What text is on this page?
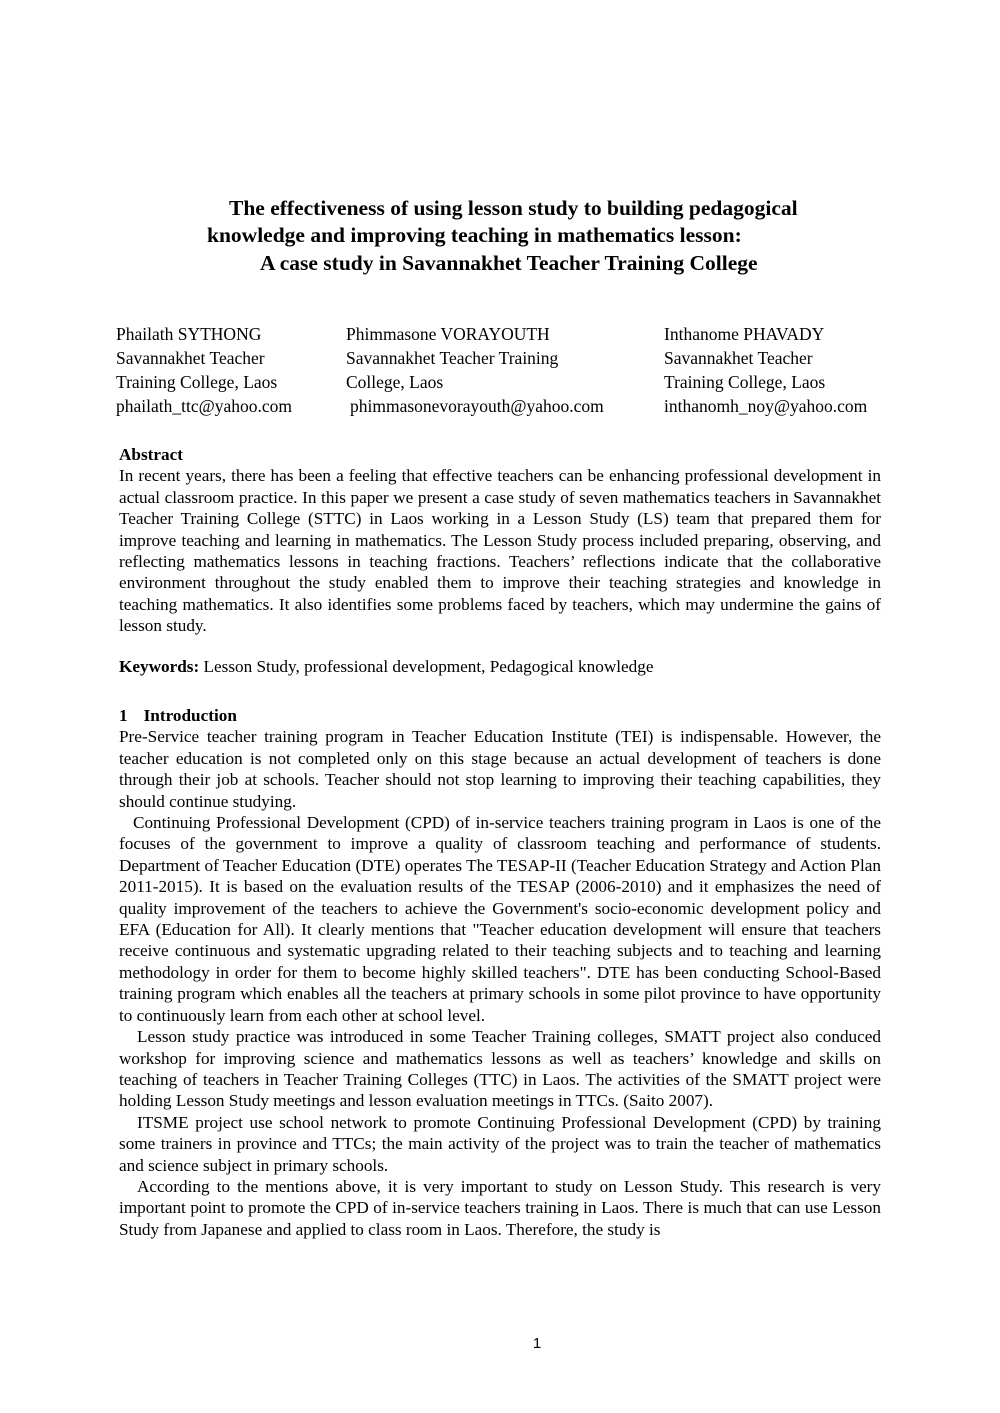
The effectiveness of using lesson study to building pedagogical
knowledge and improving teaching in mathematics lesson:
A case study in Savannakhet Teacher Training College
Phailath SYTHONG
Savannakhet Teacher
Training College, Laos
phailath_ttc@yahoo.com
Phimmasone VORAYOUTH
Savannakhet Teacher Training
College, Laos
phimmasonevorayouth@yahoo.com
Inthanome PHAVADY
Savannakhet Teacher
Training College, Laos
inthanomh_noy@yahoo.com
Abstract

In recent years, there has been a feeling that effective teachers can be enhancing professional development in actual classroom practice. In this paper we present a case study of seven mathematics teachers in Savannakhet Teacher Training College (STTC) in Laos working in a Lesson Study (LS) team that prepared them for improve teaching and learning in mathematics. The Lesson Study process included preparing, observing, and reflecting mathematics lessons in teaching fractions. Teachers’ reflections indicate that the collaborative environment throughout the study enabled them to improve their teaching strategies and knowledge in teaching mathematics. It also identifies some problems faced by teachers, which may undermine the gains of lesson study.

Keywords: Lesson Study, professional development, Pedagogical knowledge

1 Introduction

Pre-Service teacher training program in Teacher Education Institute (TEI) is indispensable. However, the teacher education is not completed only on this stage because an actual development of teachers is done through their job at schools. Teacher should not stop learning to improving their teaching capabilities, they should continue studying.

Continuing Professional Development (CPD) of in-service teachers training program in Laos is one of the focuses of the government to improve a quality of classroom teaching and performance of students. Department of Teacher Education (DTE) operates The TESAP-II (Teacher Education Strategy and Action Plan 2011-2015). It is based on the evaluation results of the TESAP (2006-2010) and it emphasizes the need of quality improvement of the teachers to achieve the Government's socio-economic development policy and EFA (Education for All). It clearly mentions that "Teacher education development will ensure that teachers receive continuous and systematic upgrading related to their teaching subjects and to teaching and learning methodology in order for them to become highly skilled teachers". DTE has been conducting School-Based training program which enables all the teachers at primary schools in some pilot province to have opportunity to continuously learn from each other at school level.

Lesson study practice was introduced in some Teacher Training colleges, SMATT project also conduced workshop for improving science and mathematics lessons as well as teachers’ knowledge and skills on teaching of teachers in Teacher Training Colleges (TTC) in Laos. The activities of the SMATT project were holding Lesson Study meetings and lesson evaluation meetings in TTCs. (Saito 2007).

ITSME project use school network to promote Continuing Professional Development (CPD) by training some trainers in province and TTCs; the main activity of the project was to train the teacher of mathematics and science subject in primary schools.

According to the mentions above, it is very important to study on Lesson Study. This research is very important point to promote the CPD of in-service teachers training in Laos. There is much that can use Lesson Study from Japanese and applied to class room in Laos. Therefore, the study is

1
